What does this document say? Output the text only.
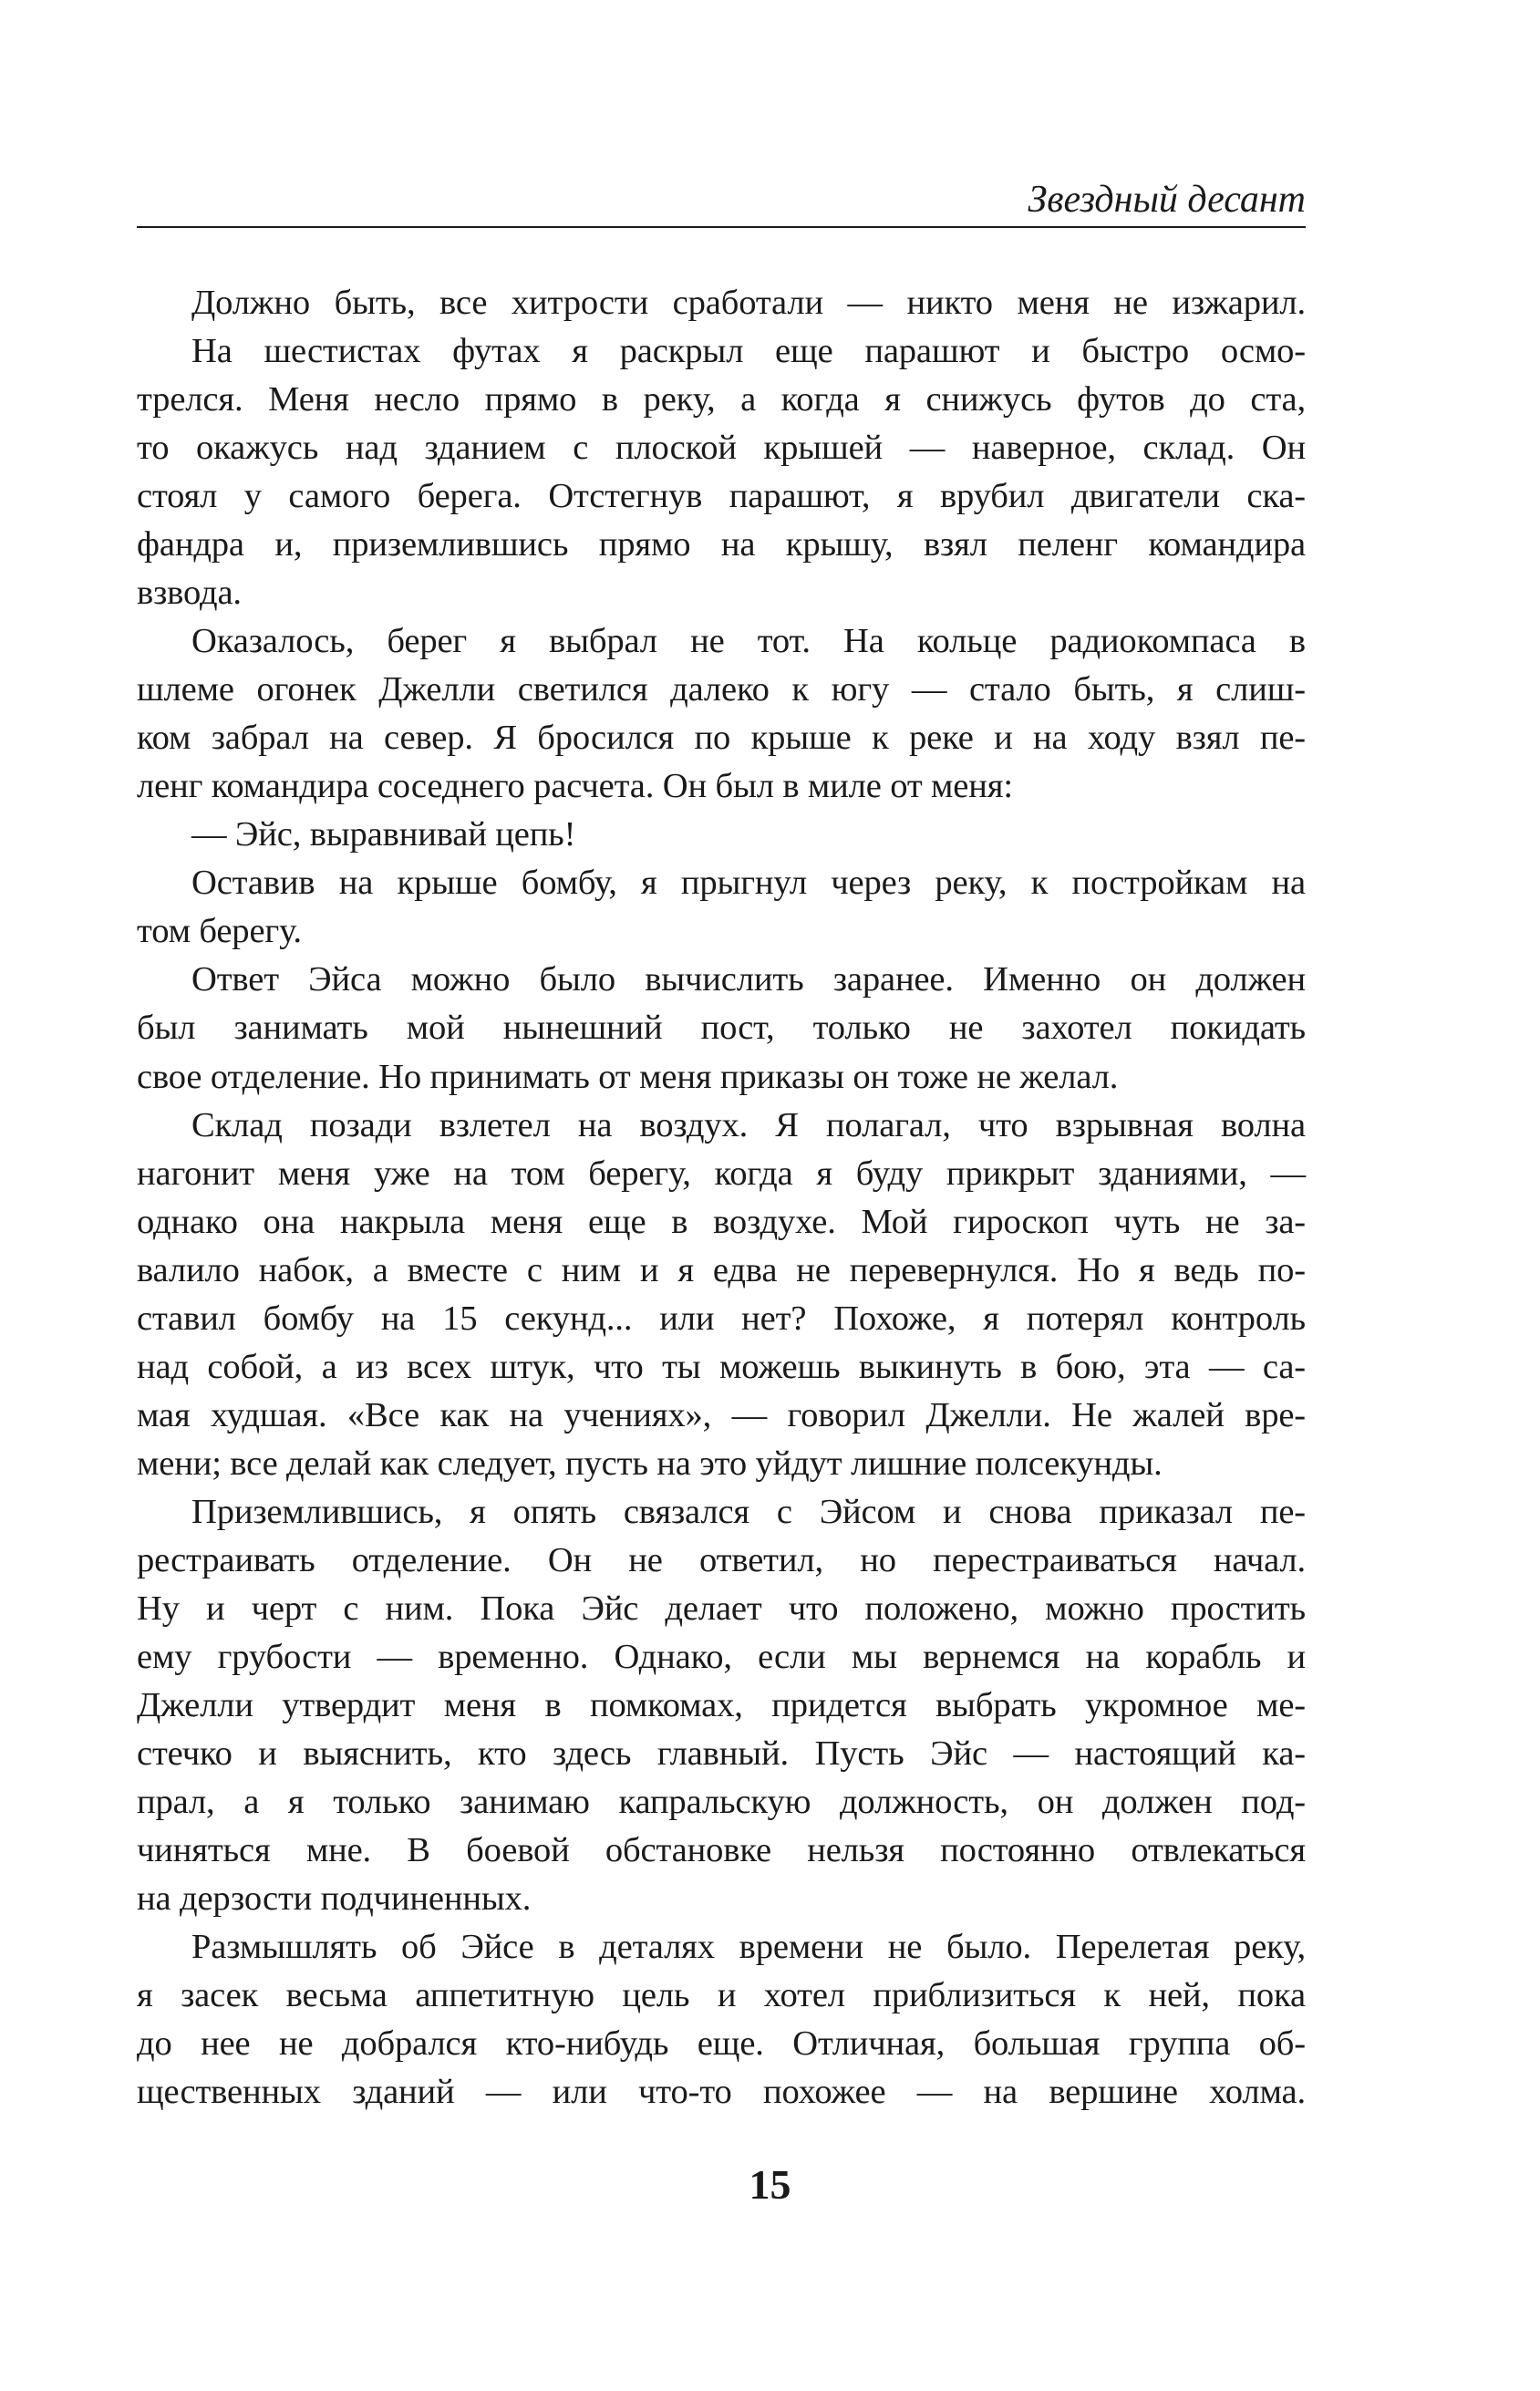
Звездный десант
Должно быть, все хитрости сработали — никто меня не изжарил.
На шестистах футах я раскрыл еще парашют и быстро осмо-
трелся. Меня несло прямо в реку, а когда я снижусь футов до ста,
то окажусь над зданием с плоской крышей — наверное, склад. Он
стоял у самого берега. Отстегнув парашют, я врубил двигатели ска-
фандра и, приземлившись прямо на крышу, взял пеленг командира
взвода.
Оказалось, берег я выбрал не тот. На кольце радиокомпаса в
шлеме огонек Джелли светился далеко к югу — стало быть, я слиш-
ком забрал на север. Я бросился по крыше к реке и на ходу взял пе-
ленг командира соседнего расчета. Он был в миле от меня:
— Эйс, выравнивай цепь!
Оставив на крыше бомбу, я прыгнул через реку, к постройкам на
том берегу.
Ответ Эйса можно было вычислить заранее. Именно он должен
был занимать мой нынешний пост, только не захотел покидать
свое отделение. Но принимать от меня приказы он тоже не желал.
Склад позади взлетел на воздух. Я полагал, что взрывная волна
нагонит меня уже на том берегу, когда я буду прикрыт зданиями, —
однако она накрыла меня еще в воздухе. Мой гироскоп чуть не за-
валило набок, а вместе с ним и я едва не перевернулся. Но я ведь по-
ставил бомбу на 15 секунд... или нет? Похоже, я потерял контроль
над собой, а из всех штук, что ты можешь выкинуть в бою, эта — са-
мая худшая. «Все как на учениях», — говорил Джелли. Не жалей вре-
мени; все делай как следует, пусть на это уйдут лишние полсекунды.
Приземлившись, я опять связался с Эйсом и снова приказал пе-
рестраивать отделение. Он не ответил, но перестраиваться начал.
Ну и черт с ним. Пока Эйс делает что положено, можно простить
ему грубости — временно. Однако, если мы вернемся на корабль и
Джелли утвердит меня в помкомах, придется выбрать укромное ме-
стечко и выяснить, кто здесь главный. Пусть Эйс — настоящий ка-
прал, а я только занимаю капральскую должность, он должен под-
чиняться мне. В боевой обстановке нельзя постоянно отвлекаться
на дерзости подчиненных.
Размышлять об Эйсе в деталях времени не было. Перелетая реку,
я засек весьма аппетитную цель и хотел приблизиться к ней, пока
до нее не добрался кто-нибудь еще. Отличная, большая группа об-
щественных зданий — или что-то похожее — на вершине холма.
15
